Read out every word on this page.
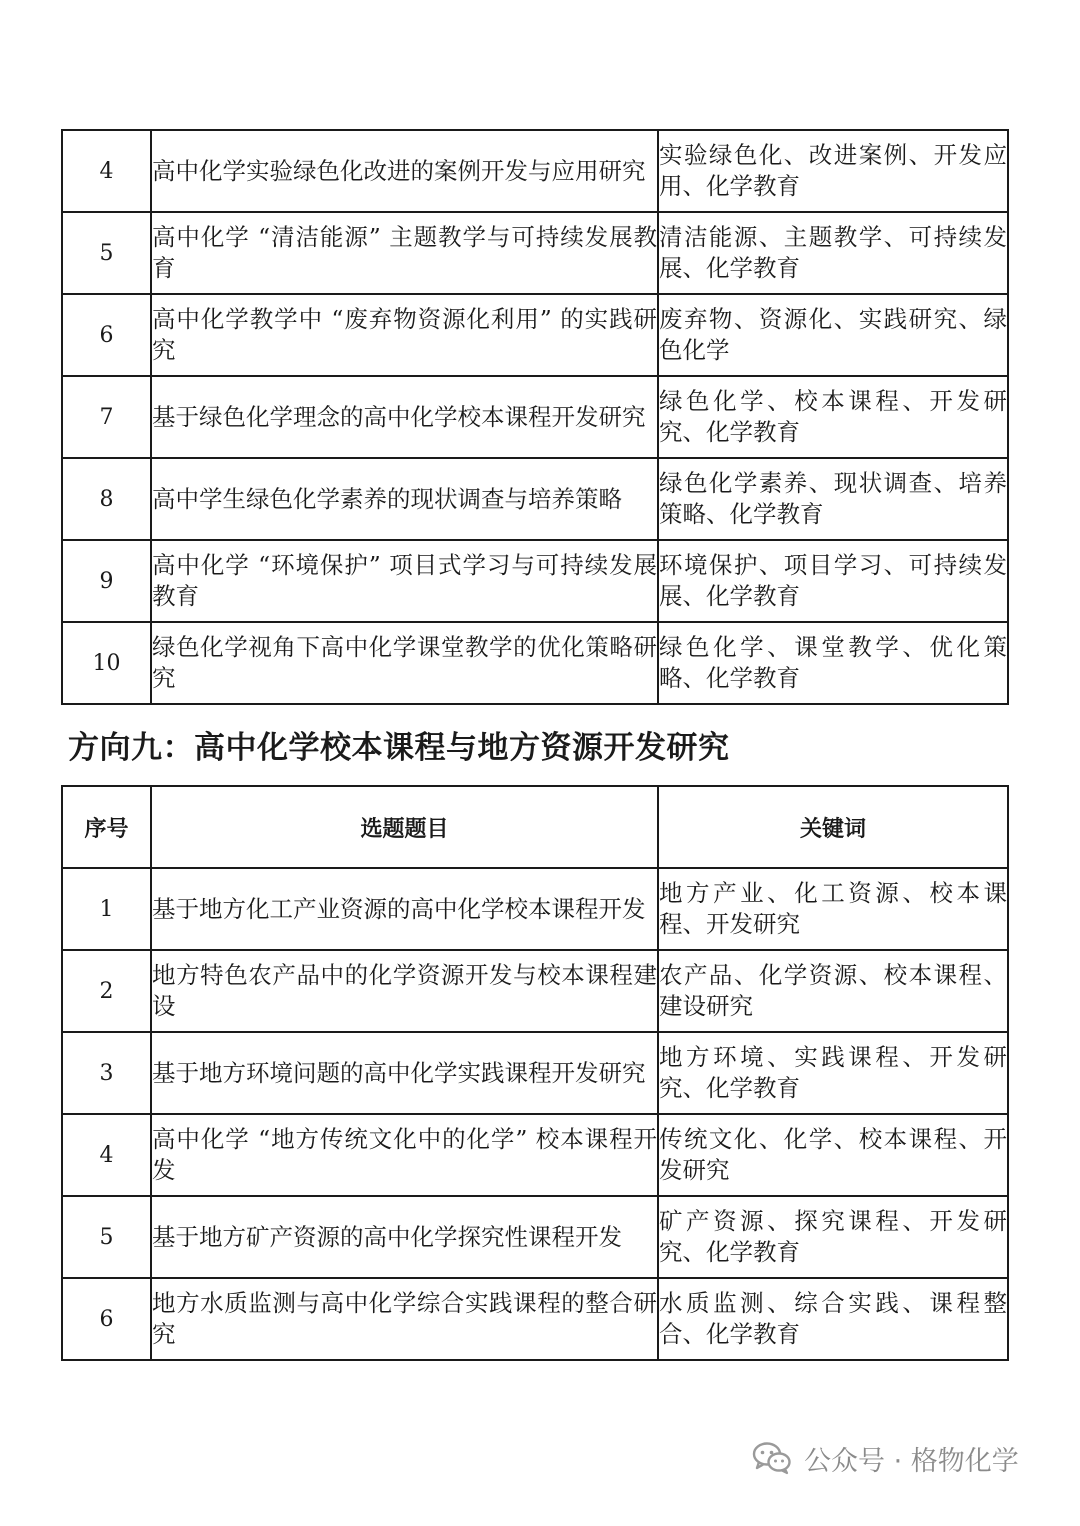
4	高中化学实验绿色化改进的案例开发与应用研究	实验绿色化、改进案例、开发应用、化学教育
5	高中化学 “清洁能源” 主题教学与可持续发展教育	清洁能源、主题教学、可持续发展、化学教育
6	高中化学教学中 “废弃物资源化利用” 的实践研究	废弃物、资源化、实践研究、绿色化学
7	基于绿色化学理念的高中化学校本课程开发研究	绿色化学、校本课程、开发研究、化学教育
8	高中学生绿色化学素养的现状调查与培养策略	绿色化学素养、现状调查、培养策略、化学教育
9	高中化学 “环境保护” 项目式学习与可持续发展教育	环境保护、项目学习、可持续发展、化学教育
10	绿色化学视角下高中化学课堂教学的优化策略研究	绿色化学、课堂教学、优化策略、化学教育
方向九：高中化学校本课程与地方资源开发研究
序号	选题题目	关键词
1	基于地方化工产业资源的高中化学校本课程开发	地方产业、化工资源、校本课程、开发研究
2	地方特色农产品中的化学资源开发与校本课程建设	农产品、化学资源、校本课程、建设研究
3	基于地方环境问题的高中化学实践课程开发研究	地方环境、实践课程、开发研究、化学教育
4	高中化学 “地方传统文化中的化学” 校本课程开发	传统文化、化学、校本课程、开发研究
5	基于地方矿产资源的高中化学探究性课程开发	矿产资源、探究课程、开发研究、化学教育
6	地方水质监测与高中化学综合实践课程的整合研究	水质监测、综合实践、课程整合、化学教育
公众号 · 格物化学
